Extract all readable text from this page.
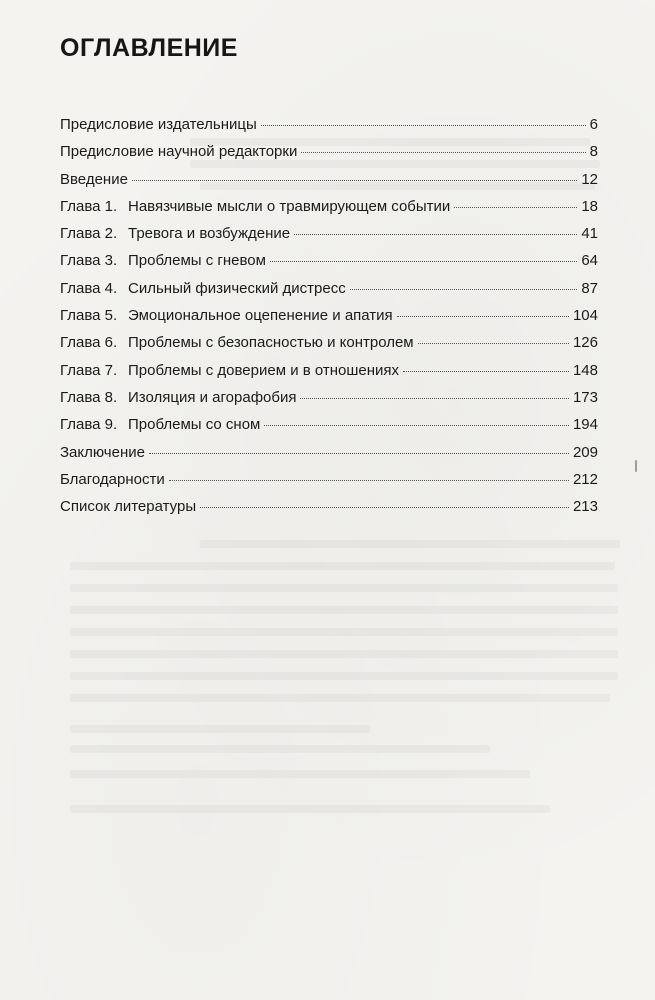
ОГЛАВЛЕНИЕ
Предисловие издательницы	6
Предисловие научной редакторки	8
Введение	12
Глава 1. Навязчивые мысли о травмирующем событии	18
Глава 2. Тревога и возбуждение	41
Глава 3. Проблемы с гневом	64
Глава 4. Сильный физический дистресс	87
Глава 5. Эмоциональное оцепенение и апатия	104
Глава 6. Проблемы с безопасностью и контролем	126
Глава 7. Проблемы с доверием и в отношениях	148
Глава 8. Изоляция и агорафобия	173
Глава 9. Проблемы со сном	194
Заключение	209
Благодарности	212
Список литературы	213
